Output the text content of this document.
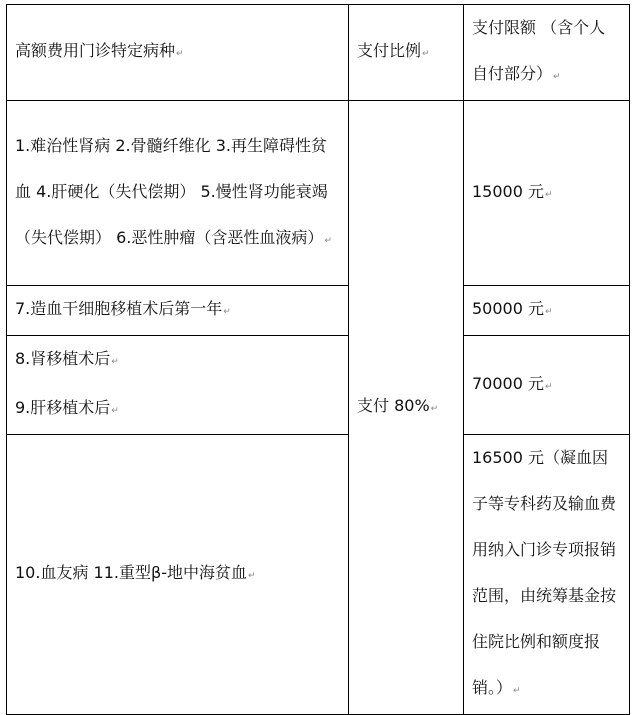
高额费用门诊特定病种↵	支付比例↵	支付限额 （含个人自付部分）↵
1.难治性肾病 2.骨髓纤维化 3.再生障碍性贫血 4.肝硬化（失代偿期） 5.慢性肾功能衰竭（失代偿期） 6.恶性肿瘤（含恶性血液病）↵	支付 80%↵	15000 元↵
7.造血干细胞移植术后第一年↵		50000 元↵

8.肾移植术后↵
9.肝移植术后↵		70000 元↵
10.血友病 11.重型β-地中海贫血↵		16500 元（凝血因子等专科药及输血费用纳入门诊专项报销范围，由统筹基金按住院比例和额度报销。）↵
